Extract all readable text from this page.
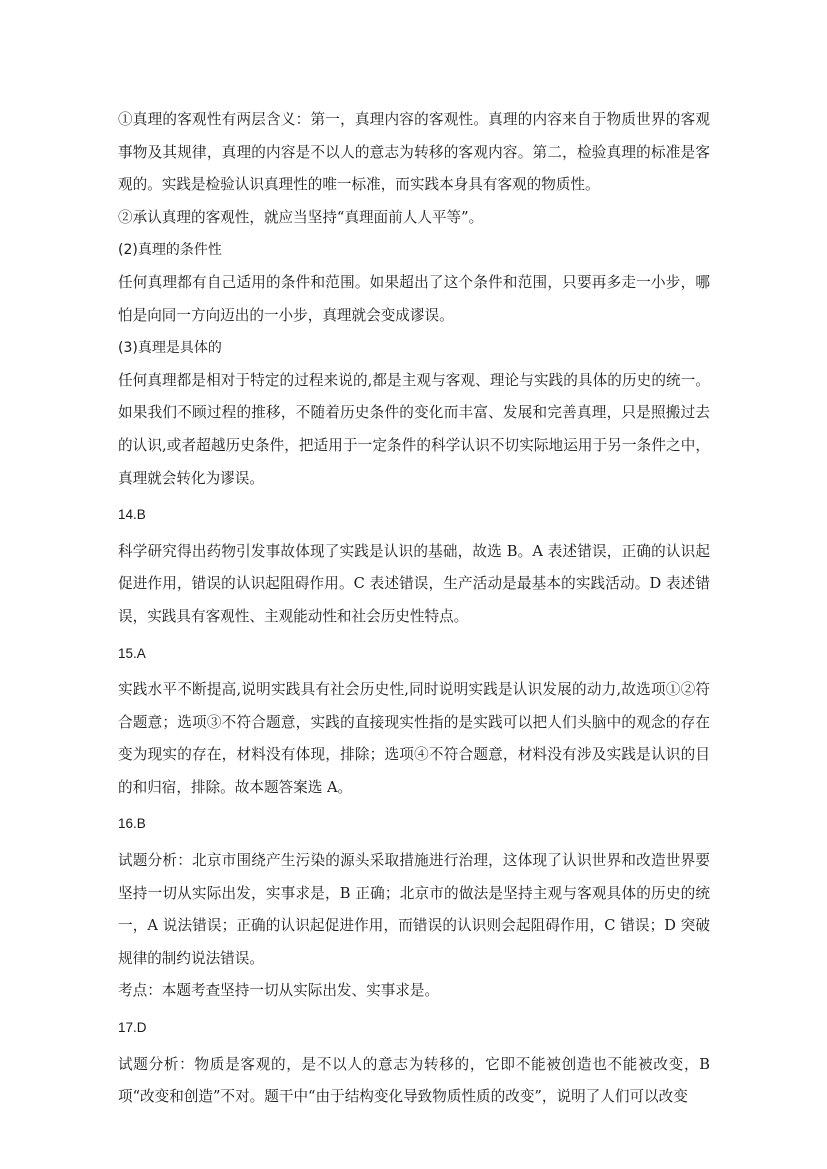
①真理的客观性有两层含义：第一，真理内容的客观性。真理的内容来自于物质世界的客观事物及其规律，真理的内容是不以人的意志为转移的客观内容。第二，检验真理的标准是客观的。实践是检验认识真理性的唯一标准，而实践本身具有客观的物质性。

②承认真理的客观性，就应当坚持“真理面前人人平等”。

(2)真理的条件性

任何真理都有自己适用的条件和范围。如果超出了这个条件和范围，只要再多走一小步，哪怕是向同一方向迈出的一小步，真理就会变成谬误。

(3)真理是具体的

任何真理都是相对于特定的过程来说的,都是主观与客观、理论与实践的具体的历史的统一。如果我们不顾过程的推移，不随着历史条件的变化而丰富、发展和完善真理，只是照搬过去的认识,或者超越历史条件，把适用于一定条件的科学认识不切实际地运用于另一条件之中，真理就会转化为谬误。

14.B

科学研究得出药物引发事故体现了实践是认识的基础，故选 B。A 表述错误，正确的认识起促进作用，错误的认识起阻碍作用。C 表述错误，生产活动是最基本的实践活动。D 表述错误，实践具有客观性、主观能动性和社会历史性特点。

15.A

实践水平不断提高,说明实践具有社会历史性,同时说明实践是认识发展的动力,故选项①②符合题意；选项③不符合题意，实践的直接现实性指的是实践可以把人们头脑中的观念的存在变为现实的存在，材料没有体现，排除；选项④不符合题意，材料没有涉及实践是认识的目的和归宿，排除。故本题答案选 A。

16.B

试题分析：北京市围绕产生污染的源头采取措施进行治理，这体现了认识世界和改造世界要坚持一切从实际出发，实事求是，B 正确；北京市的做法是坚持主观与客观具体的历史的统一，A 说法错误；正确的认识起促进作用，而错误的认识则会起阻碍作用，C 错误；D 突破规律的制约说法错误。

考点：本题考查坚持一切从实际出发、实事求是。

17.D

试题分析：物质是客观的，是不以人的意志为转移的，它即不能被创造也不能被改变，B 项“改变和创造”不对。题干中“由于结构变化导致物质性质的改变”，说明了人们可以改变
